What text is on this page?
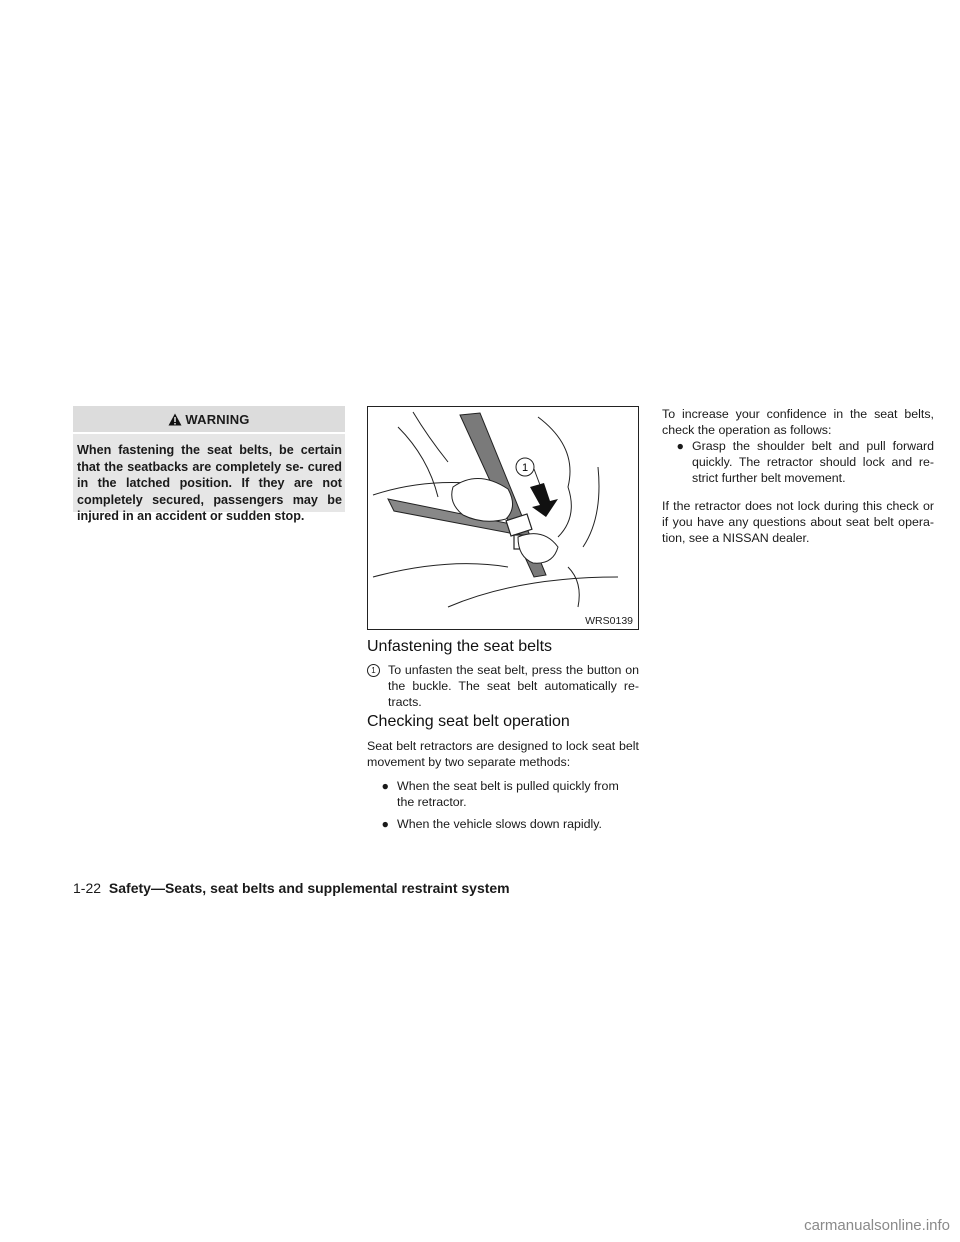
WARNING
When fastening the seat belts, be certain that the seatbacks are completely se- cured in the latched position. If they are not completely secured, passengers may be injured in an accident or sudden stop.
1
WRS0139
Unfastening the seat belts
1 To unfasten the seat belt, press the button on the buckle. The seat belt automatically re- tracts.
Checking seat belt operation
Seat belt retractors are designed to lock seat belt movement by two separate methods:
● When the seat belt is pulled quickly from the retractor.
● When the vehicle slows down rapidly.
To increase your confidence in the seat belts, check the operation as follows:
● Grasp the shoulder belt and pull forward quickly. The retractor should lock and re- strict further belt movement.
If the retractor does not lock during this check or if you have any questions about seat belt opera- tion, see a NISSAN dealer.
1-22 Safety—Seats, seat belts and supplemental restraint system
carmanualsonline.info
